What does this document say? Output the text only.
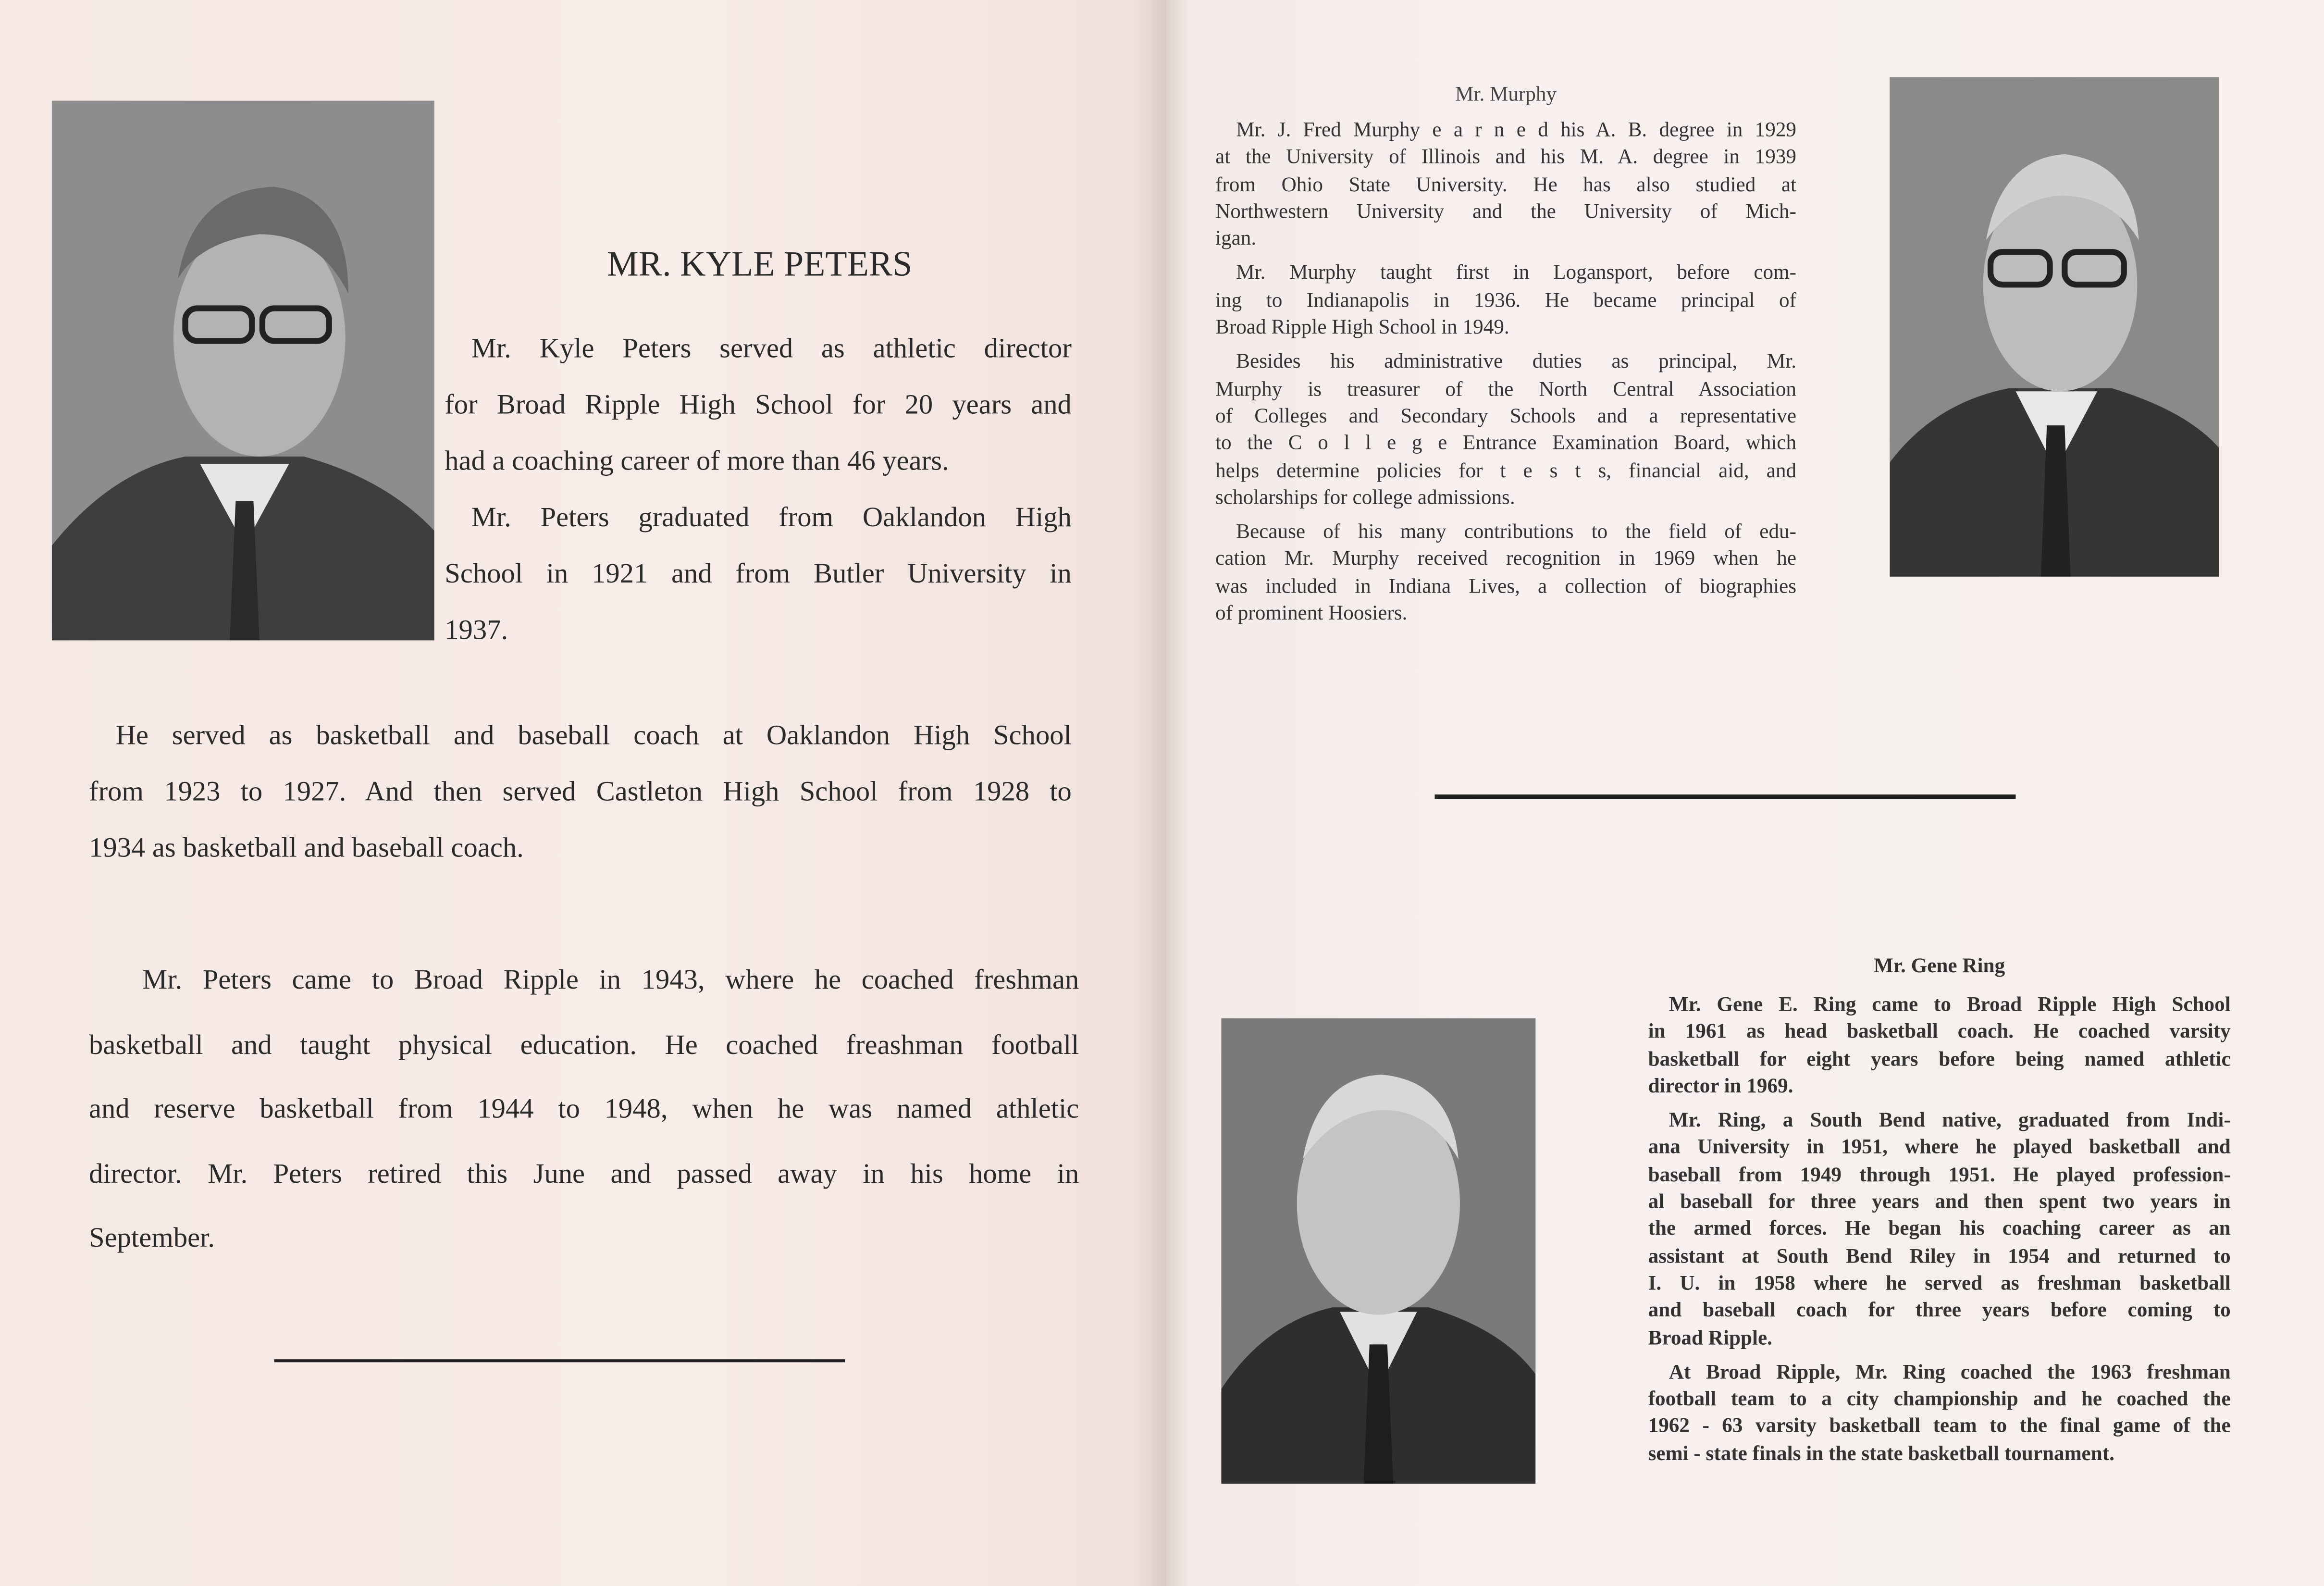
MR. KYLE PETERS
Mr. Kyle Peters served as athletic director
for Broad Ripple High School for 20 years and
had a coaching career of more than 46 years.
Mr. Peters graduated from Oaklandon High
School in 1921 and from Butler University in
1937.
He served as basketball and baseball coach at Oaklandon High School
from 1923 to 1927. And then served Castleton High School from 1928 to
1934 as basketball and baseball coach.
Mr. Peters came to Broad Ripple in 1943, where he coached freshman
basketball and taught physical education. He coached freashman football
and reserve basketball from 1944 to 1948, when he was named athletic
director. Mr. Peters retired this June and passed away in his home in
September.
Mr. Murphy
Mr. J. Fred Murphy e a r n e d his A. B. degree in 1929
at the University of Illinois and his M. A. degree in 1939
from Ohio State University. He has also studied at
Northwestern University and the University of Mich-
igan.
Mr. Murphy taught first in Logansport, before com-
ing to Indianapolis in 1936. He became principal of
Broad Ripple High School in 1949.
Besides his administrative duties as principal, Mr.
Murphy is treasurer of the North Central Association
of Colleges and Secondary Schools and a representative
to the C o l l e g e Entrance Examination Board, which
helps determine policies for t e s t s, financial aid, and
scholarships for college admissions.
Because of his many contributions to the field of edu-
cation Mr. Murphy received recognition in 1969 when he
was included in Indiana Lives, a collection of biographies
of prominent Hoosiers.
Mr. Gene Ring
Mr. Gene E. Ring came to Broad Ripple High School
in 1961 as head basketball coach. He coached varsity
basketball for eight years before being named athletic
director in 1969.
Mr. Ring, a South Bend native, graduated from Indi-
ana University in 1951, where he played basketball and
baseball from 1949 through 1951. He played profession-
al baseball for three years and then spent two years in
the armed forces. He began his coaching career as an
assistant at South Bend Riley in 1954 and returned to
I. U. in 1958 where he served as freshman basketball
and baseball coach for three years before coming to
Broad Ripple.
At Broad Ripple, Mr. Ring coached the 1963 freshman
football team to a city championship and he coached the
1962 - 63 varsity basketball team to the final game of the
semi - state finals in the state basketball tournament.
